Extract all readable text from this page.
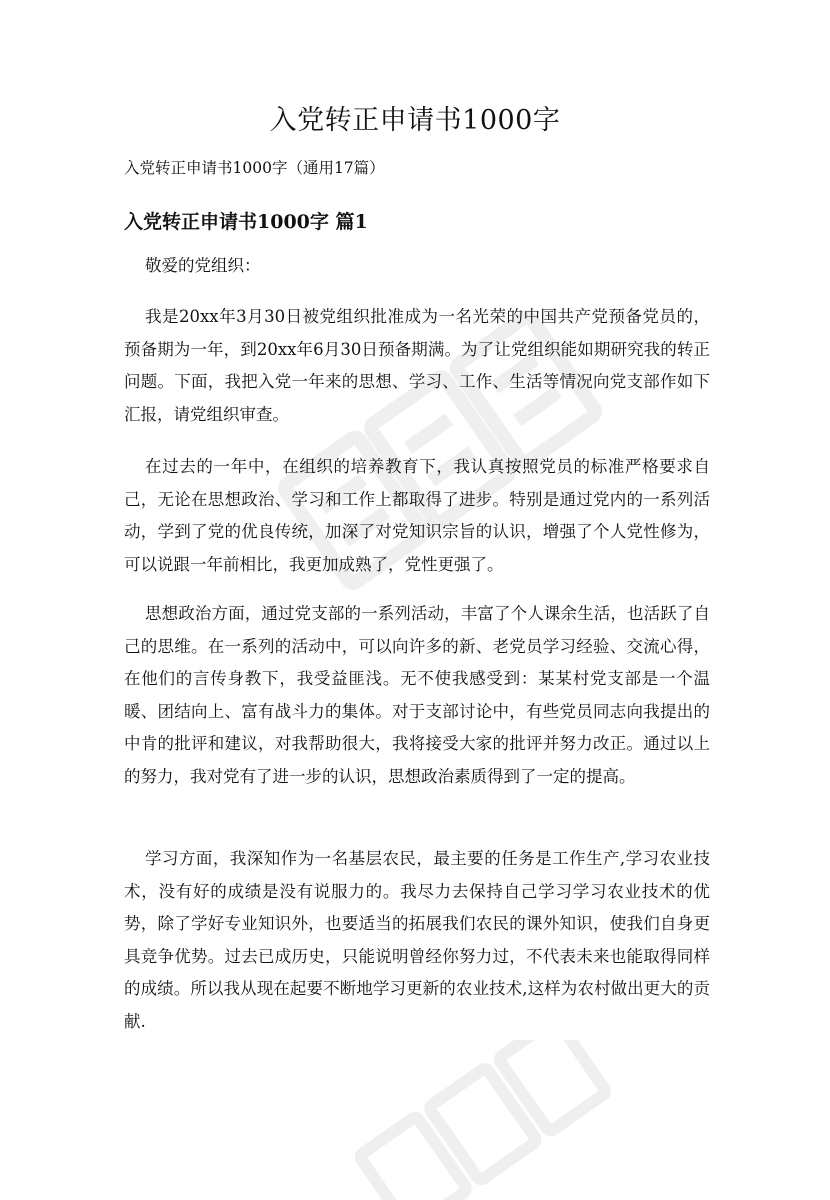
入党转正申请书1000字

入党转正申请书1000字（通用17篇）

入党转正申请书1000字 篇1

敬爱的党组织：

我是20xx年3月30日被党组织批准成为一名光荣的中国共产党预备党员的，预备期为一年，到20xx年6月30日预备期满。为了让党组织能如期研究我的转正问题。下面，我把入党一年来的思想、学习、工作、生活等情况向党支部作如下汇报，请党组织审查。

在过去的一年中，在组织的培养教育下，我认真按照党员的标准严格要求自己，无论在思想政治、学习和工作上都取得了进步。特别是通过党内的一系列活动，学到了党的优良传统，加深了对党知识宗旨的认识，增强了个人党性修为，可以说跟一年前相比，我更加成熟了，党性更强了。

思想政治方面，通过党支部的一系列活动，丰富了个人课余生活，也活跃了自己的思维。在一系列的活动中，可以向许多的新、老党员学习经验、交流心得，在他们的言传身教下，我受益匪浅。无不使我感受到：某某村党支部是一个温暖、团结向上、富有战斗力的集体。对于支部讨论中，有些党员同志向我提出的中肯的批评和建议，对我帮助很大，我将接受大家的批评并努力改正。通过以上的努力，我对党有了进一步的认识，思想政治素质得到了一定的提高。

学习方面，我深知作为一名基层农民，最主要的任务是工作生产,学习农业技术，没有好的成绩是没有说服力的。我尽力去保持自己学习学习农业技术的优势，除了学好专业知识外，也要适当的拓展我们农民的课外知识，使我们自身更具竞争优势。过去已成历史，只能说明曾经你努力过，不代表未来也能取得同样的成绩。所以我从现在起要不断地学习更新的农业技术,这样为农村做出更大的贡献.
